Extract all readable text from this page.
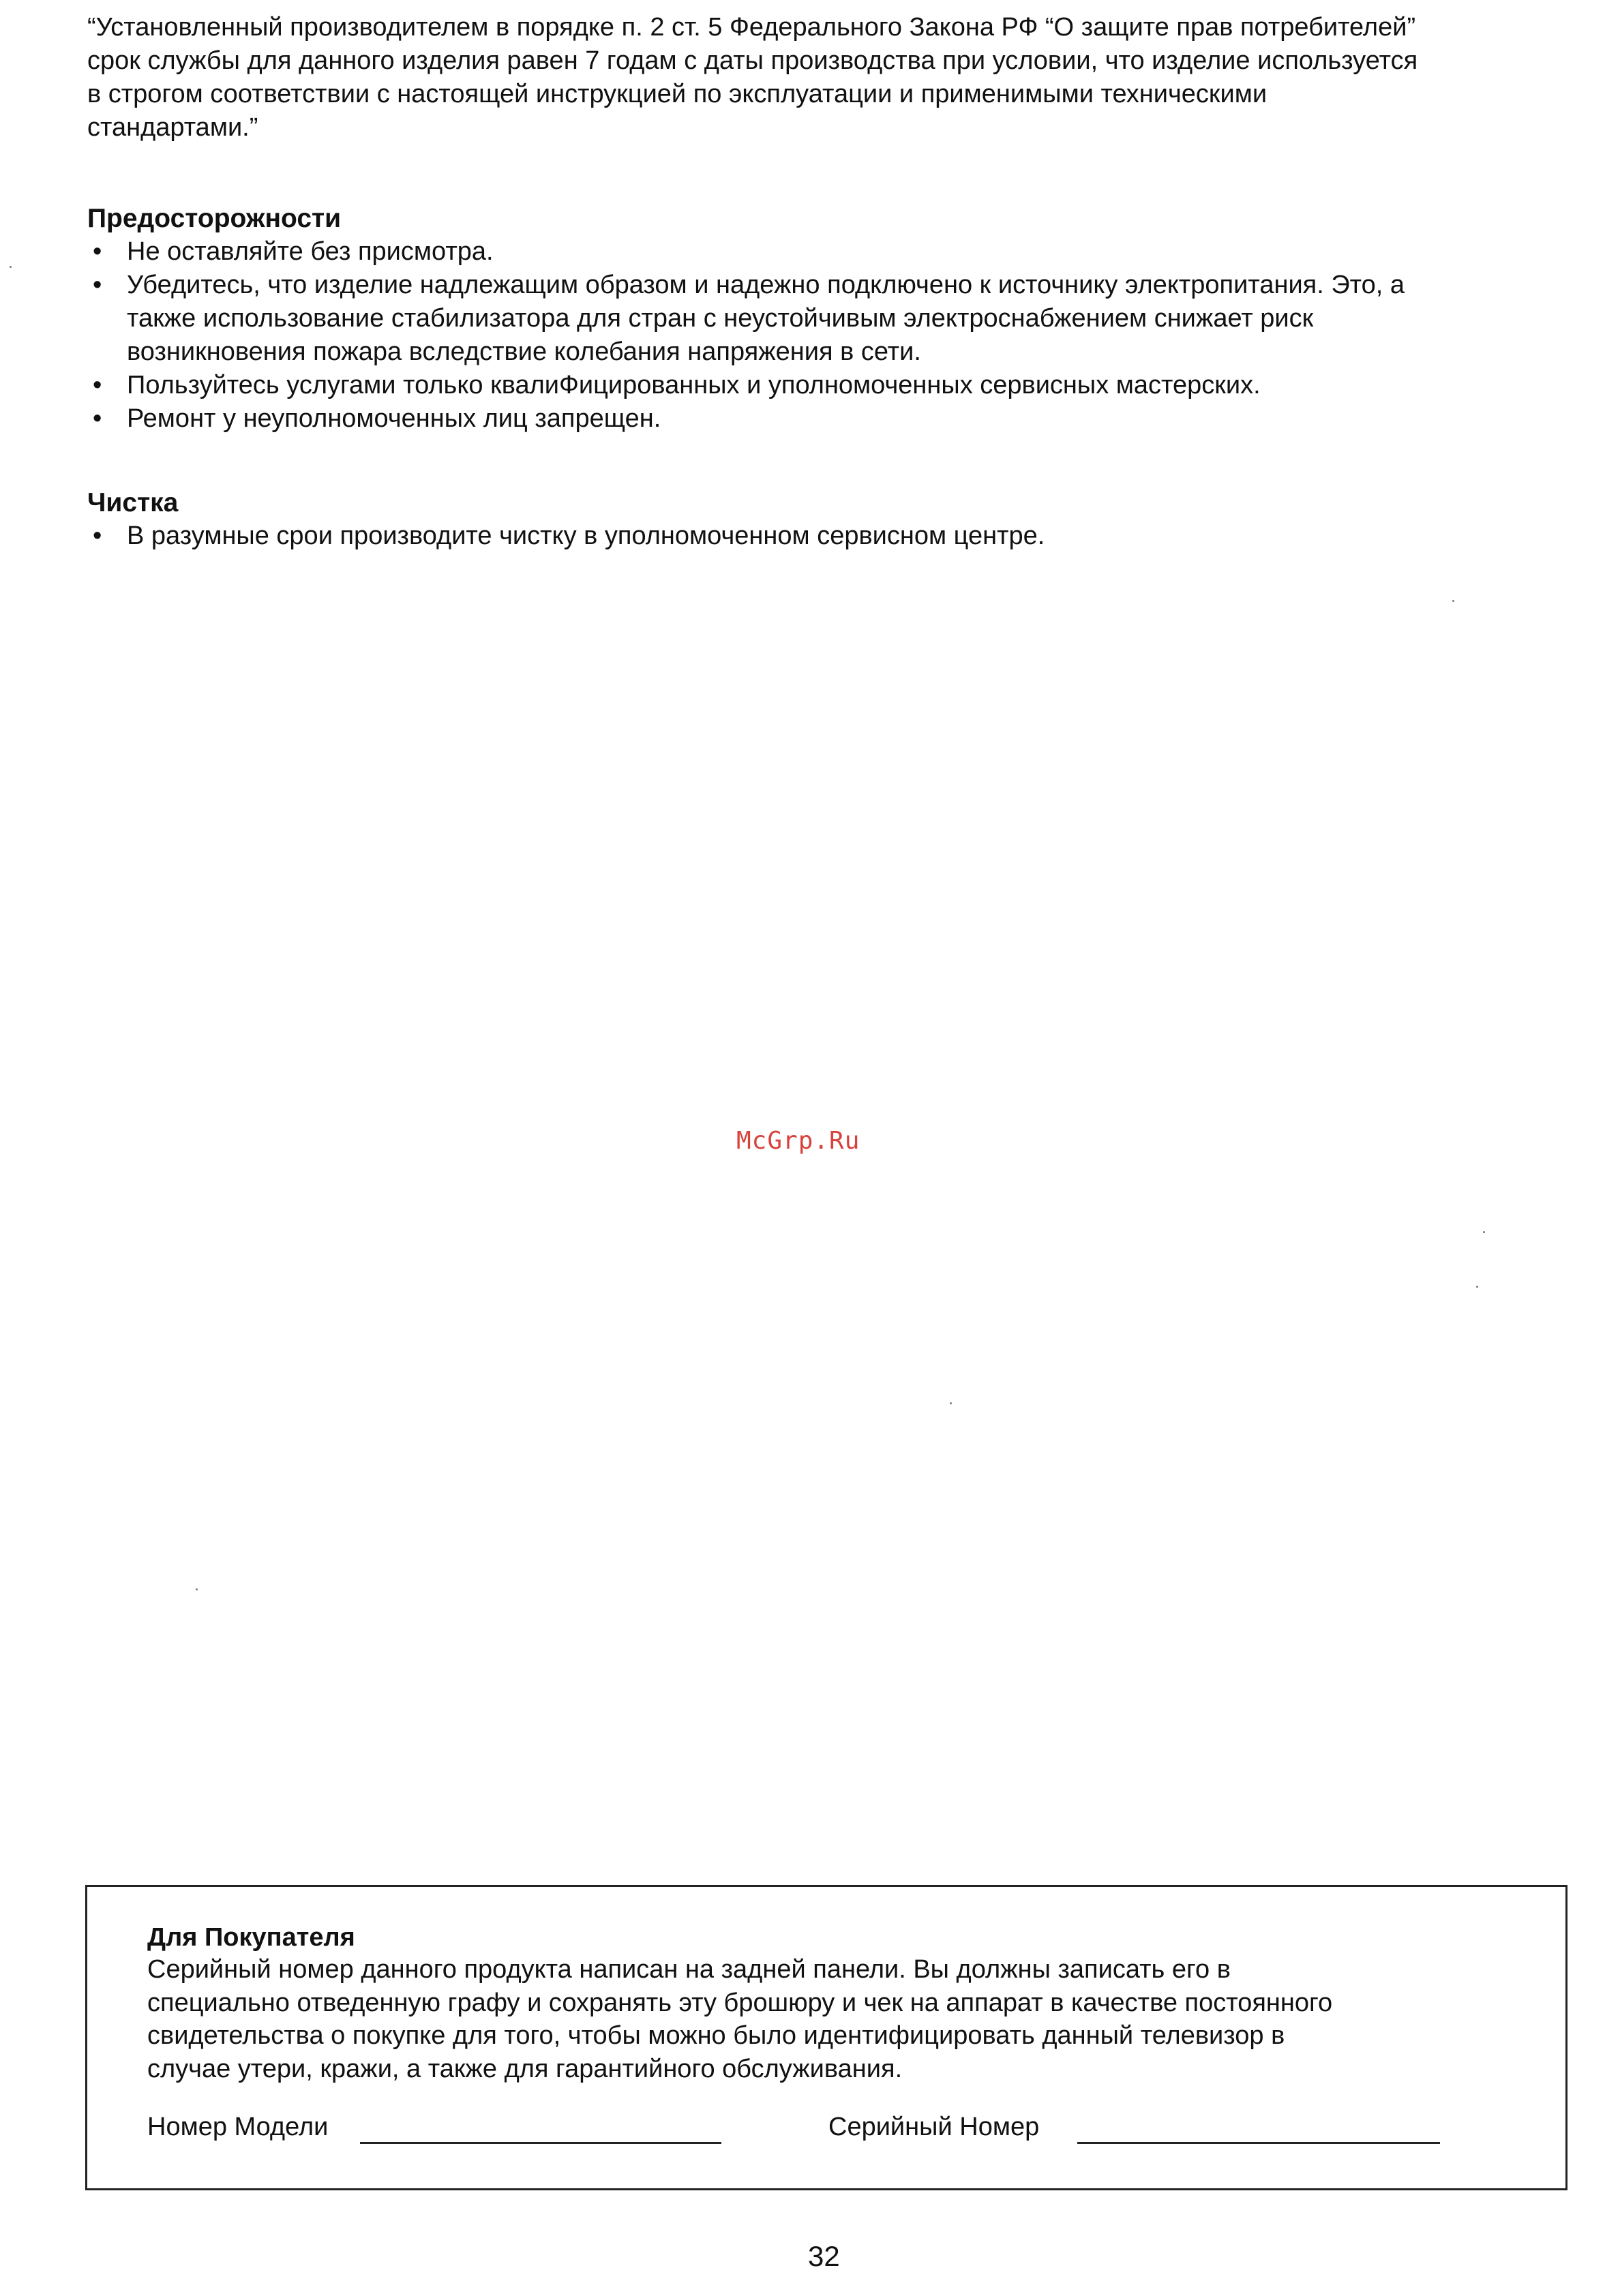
“Установленный производителем в порядке п. 2 ст. 5 Федерального Закона РФ “О защите прав потребителей”
срок службы для данного изделия равен 7 годам с даты производства при условии, что изделие используется
в строгом соответствии с настоящей инструкцией по эксплуатации и применимыми техническими
стандартами.”

Предосторожности
• Не оставляйте без присмотра.
• Убедитесь, что изделие надлежащим образом и надежно подключено к источнику электропитания. Это, а
также использование стабилизатора для стран с неустойчивым электроснабжением снижает риск
возникновения пожара вследствие колебания напряжения в сети.
• Пользуйтесь услугами только квалиФицированных и уполномоченных сервисных мастерских.
• Ремонт у неуполномоченных лиц запрещен.
Чистка
• В разумные срои производите чистку в уполномоченном сервисном центре.
McGrp.Ru
Для Покупателя

Серийный номер данного продукта написан на задней панели. Вы должны записать его в
специально отведенную графу и сохранять эту брошюру и чек на аппарат в качестве постоянного
свидетельства о покупке для того, чтобы можно было идентифицировать данный телевизор в
случае утери, кражи, а также для гарантийного обслуживания.

Номер Модели	Серийный Номер
32
